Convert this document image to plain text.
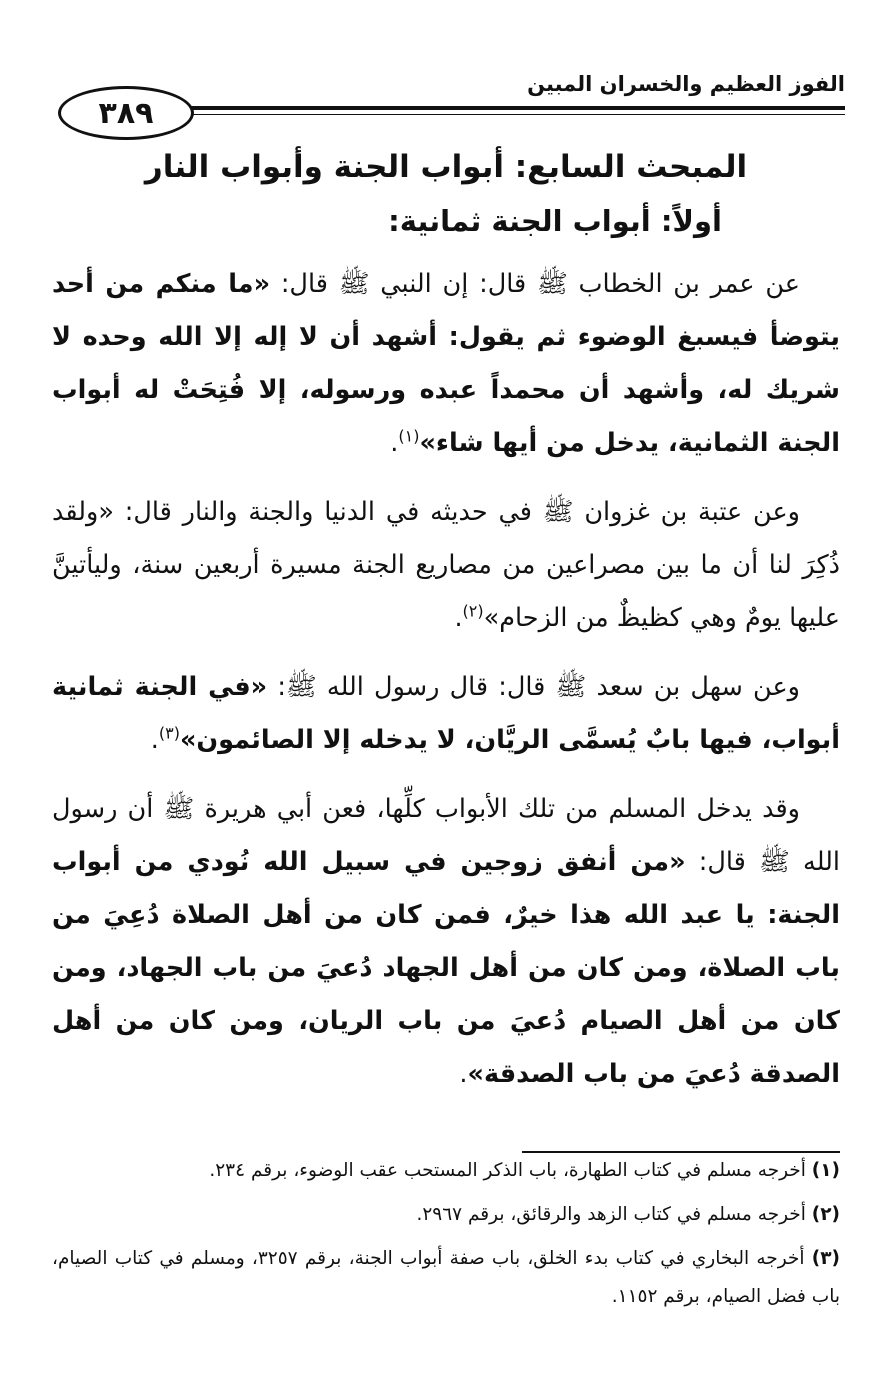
٣٨٩
الفوز العظيم والخسران المبين
المبحث السابع: أبواب الجنة وأبواب النار
أولاً: أبواب الجنة ثمانية:

عن عمر بن الخطاب ﷺ قال: إن النبي ﷺ قال: «ما منكم من أحد يتوضأ فيسبغ الوضوء ثم يقول: أشهد أن لا إله إلا الله وحده لا شريك له، وأشهد أن محمداً عبده ورسوله، إلا فُتِحَتْ له أبواب الجنة الثمانية، يدخل من أيها شاء»$^{(١)}$.

وعن عتبة بن غزوان ﷺ في حديثه في الدنيا والجنة والنار قال: «ولقد ذُكِرَ لنا أن ما بين مصراعين من مصاريع الجنة مسيرة أربعين سنة، وليأتينَّ عليها يومٌ وهي كظيظٌ من الزحام»$^{(٢)}$.

وعن سهل بن سعد ﷺ قال: قال رسول الله ﷺ: «في الجنة ثمانية أبواب، فيها بابٌ يُسمَّى الريَّان، لا يدخله إلا الصائمون»$^{(٣)}$.

وقد يدخل المسلم من تلك الأبواب كلِّها، فعن أبي هريرة ﷺ أن رسول الله ﷺ قال: «من أنفق زوجين في سبيل الله نُودي من أبواب الجنة: يا عبد الله هذا خيرٌ، فمن كان من أهل الصلاة دُعِيَ من باب الصلاة، ومن كان من أهل الجهاد دُعيَ من باب الجهاد، ومن كان من أهل الصيام دُعيَ من باب الريان، ومن كان من أهل الصدقة دُعيَ من باب الصدقة».

(١) أخرجه مسلم في كتاب الطهارة، باب الذكر المستحب عقب الوضوء، برقم ٢٣٤.

(٢) أخرجه مسلم في كتاب الزهد والرقائق، برقم ٢٩٦٧.

(٣) أخرجه البخاري في كتاب بدء الخلق، باب صفة أبواب الجنة، برقم ٣٢٥٧، ومسلم في كتاب الصيام، باب فضل الصيام، برقم ١١٥٢.
